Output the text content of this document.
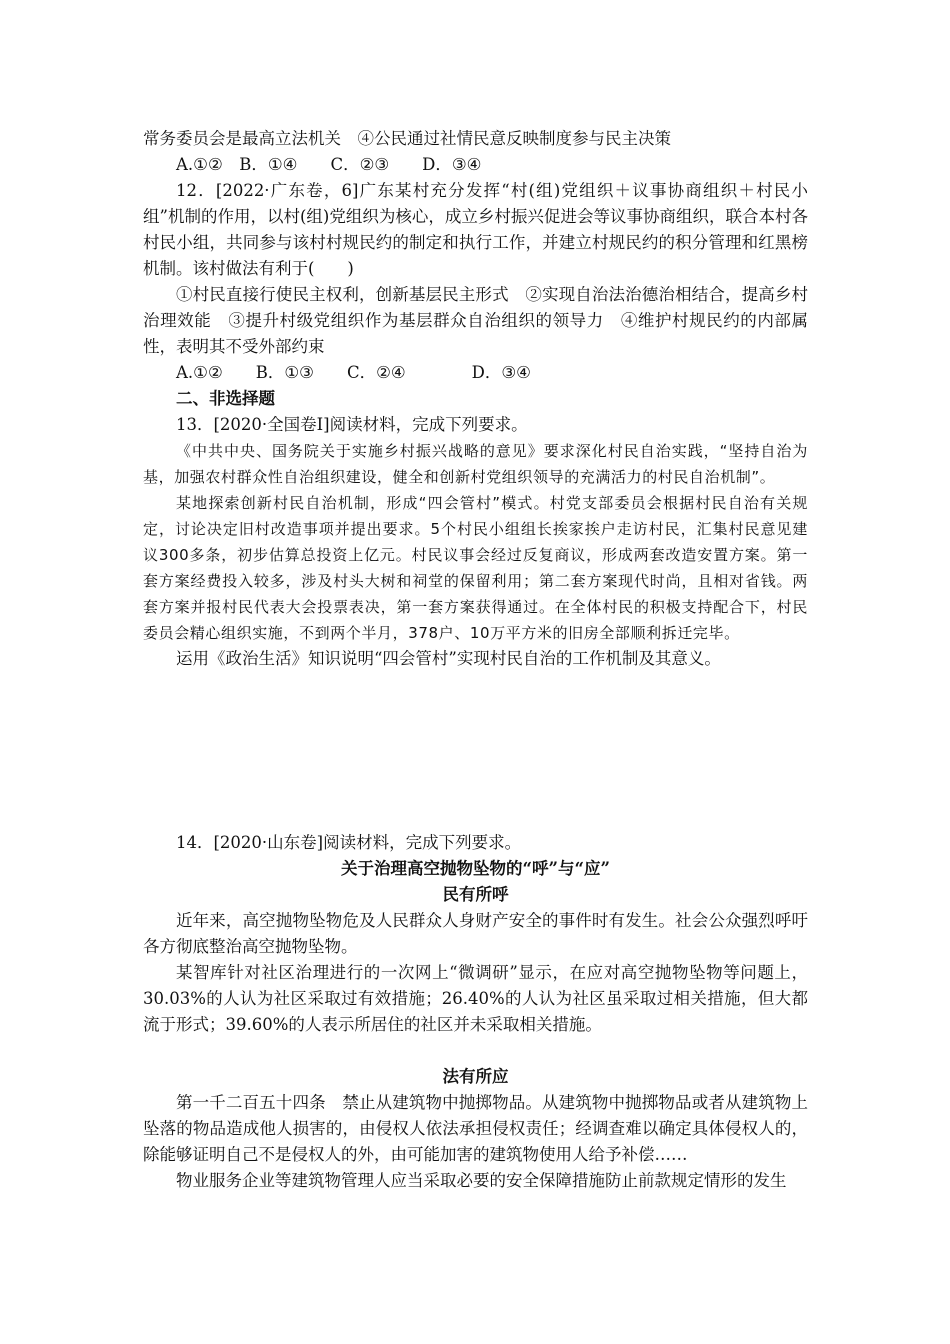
常务委员会是最高立法机关　④公民通过社情民意反映制度参与民主决策

A.①②　B．①④　　C．②③　　D．③④

12．[2022·广东卷，6]广东某村充分发挥“村(组)党组织＋议事协商组织＋村民小组”机制的作用，以村(组)党组织为核心，成立乡村振兴促进会等议事协商组织，联合本村各村民小组，共同参与该村村规民约的制定和执行工作，并建立村规民约的积分管理和红黑榜机制。该村做法有利于(　　)

①村民直接行使民主权利，创新基层民主形式　②实现自治法治德治相结合，提高乡村治理效能　③提升村级党组织作为基层群众自治组织的领导力　④维护村规民约的内部属性，表明其不受外部约束

A.①②　　B．①③　　C．②④　　　　D．③④

二、非选择题

13．[2020·全国卷Ⅰ]阅读材料，完成下列要求。

《中共中央、国务院关于实施乡村振兴战略的意见》要求深化村民自治实践，“坚持自治为基，加强农村群众性自治组织建设，健全和创新村党组织领导的充满活力的村民自治机制”。

某地探索创新村民自治机制，形成“四会管村”模式。村党支部委员会根据村民自治有关规定，讨论决定旧村改造事项并提出要求。5个村民小组组长挨家挨户走访村民，汇集村民意见建议300多条，初步估算总投资上亿元。村民议事会经过反复商议，形成两套改造安置方案。第一套方案经费投入较多，涉及村头大树和祠堂的保留利用；第二套方案现代时尚，且相对省钱。两套方案并报村民代表大会投票表决，第一套方案获得通过。在全体村民的积极支持配合下，村民委员会精心组织实施，不到两个半月，378户、10万平方米的旧房全部顺利拆迁完毕。

运用《政治生活》知识说明“四会管村”实现村民自治的工作机制及其意义。

14．[2020·山东卷]阅读材料，完成下列要求。

关于治理高空抛物坠物的“呼”与“应”

民有所呼

近年来，高空抛物坠物危及人民群众人身财产安全的事件时有发生。社会公众强烈呼吁各方彻底整治高空抛物坠物。

某智库针对社区治理进行的一次网上“微调研”显示，在应对高空抛物坠物等问题上，30.03%的人认为社区采取过有效措施；26.40%的人认为社区虽采取过相关措施，但大都流于形式；39.60%的人表示所居住的社区并未采取相关措施。

法有所应

第一千二百五十四条　禁止从建筑物中抛掷物品。从建筑物中抛掷物品或者从建筑物上坠落的物品造成他人损害的，由侵权人依法承担侵权责任；经调查难以确定具体侵权人的，除能够证明自己不是侵权人的外，由可能加害的建筑物使用人给予补偿……

物业服务企业等建筑物管理人应当采取必要的安全保障措施防止前款规定情形的发生
